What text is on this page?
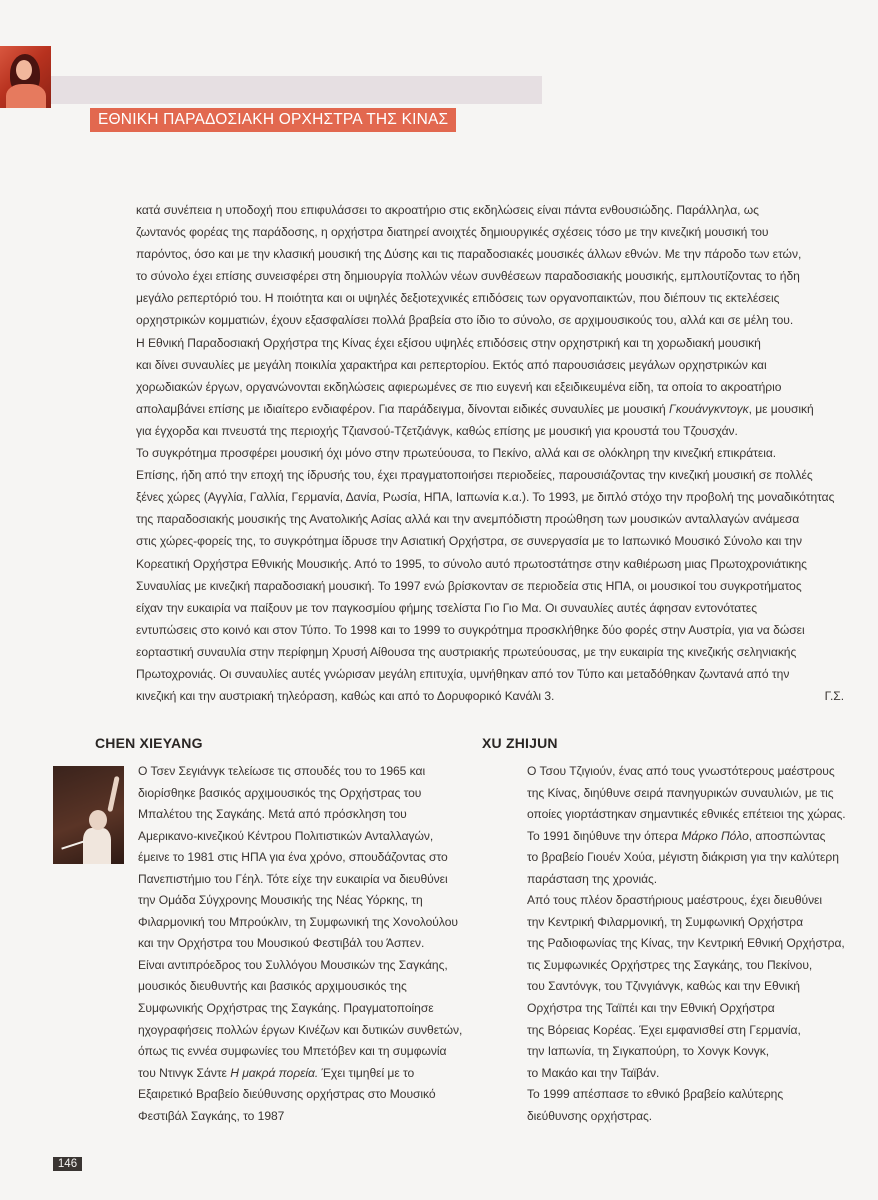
ΕΘΝΙΚΗ ΠΑΡΑΔΟΣΙΑΚΗ ΟΡΧΗΣΤΡΑ ΤΗΣ ΚΙΝΑΣ
κατά συνέπεια η υποδοχή που επιφυλάσσει το ακροατήριο στις εκδηλώσεις είναι πάντα ενθουσιώδης. Παράλληλα, ως
ζωντανός φορέας της παράδοσης, η ορχήστρα διατηρεί ανοιχτές δημιουργικές σχέσεις τόσο με την κινεζική μουσική του
παρόντος, όσο και με την κλασική μουσική της Δύσης και τις παραδοσιακές μουσικές άλλων εθνών. Με την πάροδο των ετών,
το σύνολο έχει επίσης συνεισφέρει στη δημιουργία πολλών νέων συνθέσεων παραδοσιακής μουσικής, εμπλουτίζοντας το ήδη
μεγάλο ρεπερτόριό του. Η ποιότητα και οι υψηλές δεξιοτεχνικές επιδόσεις των οργανοπαικτών, που διέπουν τις εκτελέσεις
ορχηστρικών κομματιών, έχουν εξασφαλίσει πολλά βραβεία στο ίδιο το σύνολο, σε αρχιμουσικούς του, αλλά και σε μέλη του.
Η Εθνική Παραδοσιακή Ορχήστρα της Κίνας έχει εξίσου υψηλές επιδόσεις στην ορχηστρική και τη χορωδιακή μουσική
και δίνει συναυλίες με μεγάλη ποικιλία χαρακτήρα και ρεπερτορίου. Εκτός από παρουσιάσεις μεγάλων ορχηστρικών και
χορωδιακών έργων, οργανώνονται εκδηλώσεις αφιερωμένες σε πιο ευγενή και εξειδικευμένα είδη, τα οποία το ακροατήριο
απολαμβάνει επίσης με ιδιαίτερο ενδιαφέρον. Για παράδειγμα, δίνονται ειδικές συναυλίες με μουσική Γκουάνγκντογκ, με μουσική
για έγχορδα και πνευστά της περιοχής Τζιανσού-Τζετζιάνγκ, καθώς επίσης με μουσική για κρουστά του Τζουσχάν.
Το συγκρότημα προσφέρει μουσική όχι μόνο στην πρωτεύουσα, το Πεκίνο, αλλά και σε ολόκληρη την κινεζική επικράτεια.
Επίσης, ήδη από την εποχή της ίδρυσής του, έχει πραγματοποιήσει περιοδείες, παρουσιάζοντας την κινεζική μουσική σε πολλές
ξένες χώρες (Αγγλία, Γαλλία, Γερμανία, Δανία, Ρωσία, ΗΠΑ, Ιαπωνία κ.α.). Το 1993, με διπλό στόχο την προβολή της μοναδικότητας
της παραδοσιακής μουσικής της Ανατολικής Ασίας αλλά και την ανεμπόδιστη προώθηση των μουσικών ανταλλαγών ανάμεσα
στις χώρες-φορείς της, το συγκρότημα ίδρυσε την Ασιατική Ορχήστρα, σε συνεργασία με το Ιαπωνικό Μουσικό Σύνολο και την
Κορεατική Ορχήστρα Εθνικής Μουσικής. Από το 1995, το σύνολο αυτό πρωτοστάτησε στην καθιέρωση μιας Πρωτοχρονιάτικης
Συναυλίας με κινεζική παραδοσιακή μουσική. Το 1997 ενώ βρίσκονταν σε περιοδεία στις ΗΠΑ, οι μουσικοί του συγκροτήματος
είχαν την ευκαιρία να παίξουν με τον παγκοσμίου φήμης τσελίστα Γιο Γιο Μα. Οι συναυλίες αυτές άφησαν εντονότατες
εντυπώσεις στο κοινό και στον Τύπο. Το 1998 και το 1999 το συγκρότημα προσκλήθηκε δύο φορές στην Αυστρία, για να δώσει
εορταστική συναυλία στην περίφημη Χρυσή Αίθουσα της αυστριακής πρωτεύουσας, με την ευκαιρία της κινεζικής σεληνιακής
Πρωτοχρονιάς. Οι συναυλίες αυτές γνώρισαν μεγάλη επιτυχία, υμνήθηκαν από τον Τύπο και μεταδόθηκαν ζωντανά από την
κινεζική και την αυστριακή τηλεόραση, καθώς και από το Δορυφορικό Κανάλι 3.	Γ.Σ.
CHEN XIEYANG
Ο Τσεν Σεγιάνγκ τελείωσε τις σπουδές του το 1965 και
διορίσθηκε βασικός αρχιμουσικός της Ορχήστρας του
Μπαλέτου της Σαγκάης. Μετά από πρόσκληση του
Αμερικανο-κινεζικού Κέντρου Πολιτιστικών Ανταλλαγών,
έμεινε το 1981 στις ΗΠΑ για ένα χρόνο, σπουδάζοντας στο
Πανεπιστήμιο του Γέηλ. Τότε είχε την ευκαιρία να διευθύνει
την Ομάδα Σύγχρονης Μουσικής της Νέας Υόρκης, τη
Φιλαρμονική του Μπρούκλιν, τη Συμφωνική της Χονολούλου
και την Ορχήστρα του Μουσικού Φεστιβάλ του Άσπεν.
Είναι αντιπρόεδρος του Συλλόγου Μουσικών της Σαγκάης,
μουσικός διευθυντής και βασικός αρχιμουσικός της
Συμφωνικής Ορχήστρας της Σαγκάης. Πραγματοποίησε
ηχογραφήσεις πολλών έργων Κινέζων και δυτικών συνθετών,
όπως τις εννέα συμφωνίες του Μπετόβεν και τη συμφωνία
του Ντινγκ Σάντε Η μακρά πορεία. Έχει τιμηθεί με το
Εξαιρετικό Βραβείο διεύθυνσης ορχήστρας στο Μουσικό
Φεστιβάλ Σαγκάης, το 1987
XU ZHIJUN
Ο Τσου Τζιγιούν, ένας από τους γνωστότερους μαέστρους
της Κίνας, διηύθυνε σειρά πανηγυρικών συναυλιών, με τις
οποίες γιορτάστηκαν σημαντικές εθνικές επέτειοι της χώρας.
Το 1991 διηύθυνε την όπερα Μάρκο Πόλο, αποσπώντας
το βραβείο Γιουέν Χούα, μέγιστη διάκριση για την καλύτερη
παράσταση της χρονιάς.
Από τους πλέον δραστήριους μαέστρους, έχει διευθύνει
την Κεντρική Φιλαρμονική, τη Συμφωνική Ορχήστρα
της Ραδιοφωνίας της Κίνας, την Κεντρική Εθνική Ορχήστρα,
τις Συμφωνικές Ορχήστρες της Σαγκάης, του Πεκίνου,
του Σαντόνγκ, του Τζινγιάνγκ, καθώς και την Εθνική
Ορχήστρα της Ταϊπέι και την Εθνική Ορχήστρα
της Βόρειας Κορέας. Έχει εμφανισθεί στη Γερμανία,
την Ιαπωνία, τη Σιγκαπούρη, το Χονγκ Κονγκ,
το Μακάο και την Ταϊβάν.
Το 1999 απέσπασε το εθνικό βραβείο καλύτερης
διεύθυνσης ορχήστρας.
146
